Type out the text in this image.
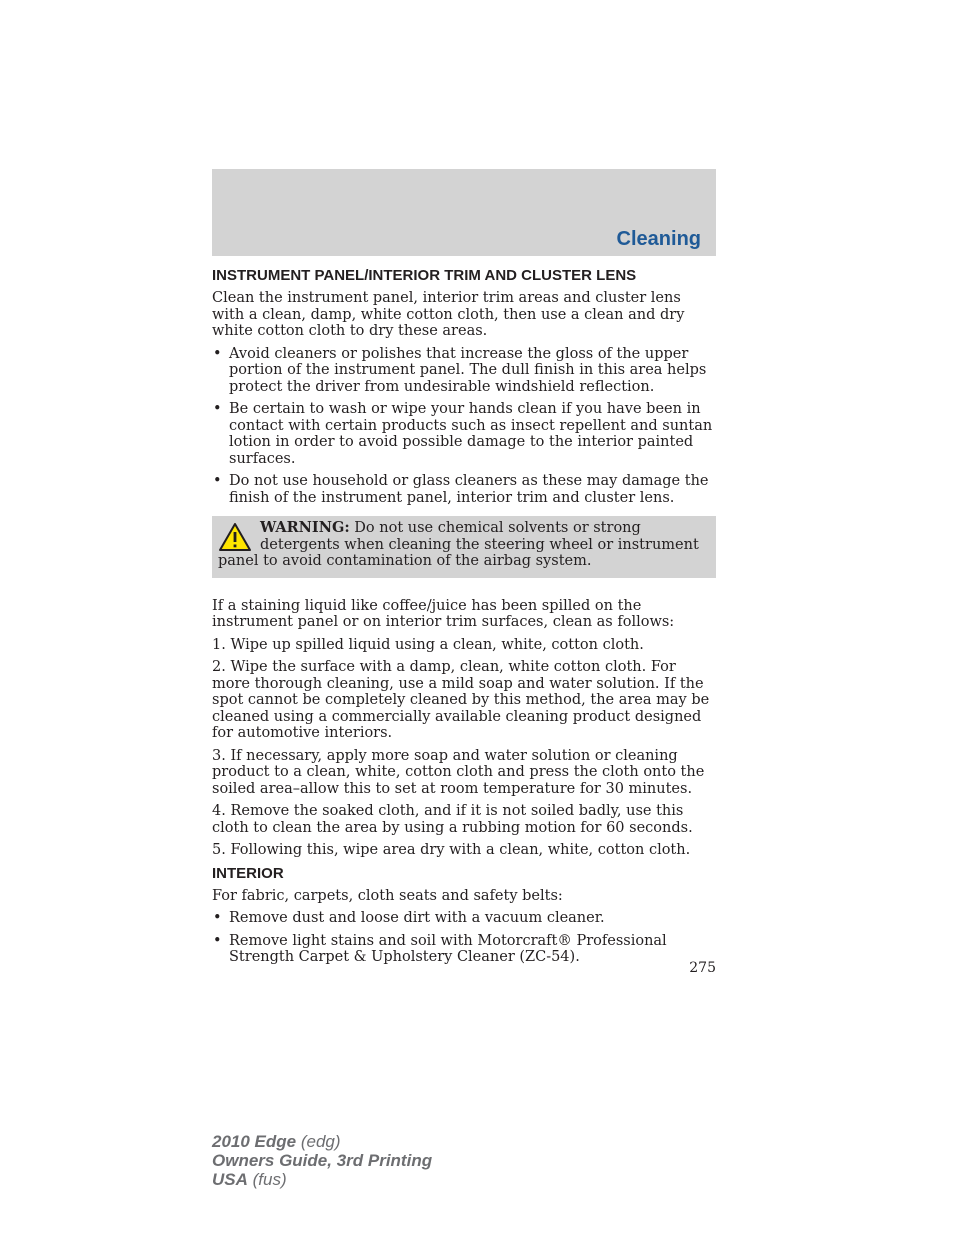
Cleaning
INSTRUMENT PANEL/INTERIOR TRIM AND CLUSTER LENS

Clean the instrument panel, interior trim areas and cluster lens with a clean, damp, white cotton cloth, then use a clean and dry white cotton cloth to dry these areas.

• Avoid cleaners or polishes that increase the gloss of the upper portion of the instrument panel. The dull finish in this area helps protect the driver from undesirable windshield reflection.
• Be certain to wash or wipe your hands clean if you have been in contact with certain products such as insect repellent and suntan lotion in order to avoid possible damage to the interior painted surfaces.
• Do not use household or glass cleaners as these may damage the finish of the instrument panel, interior trim and cluster lens.
WARNING: Do not use chemical solvents or strong detergents when cleaning the steering wheel or instrument panel to avoid contamination of the airbag system.

If a staining liquid like coffee/juice has been spilled on the instrument panel or on interior trim surfaces, clean as follows:

1. Wipe up spilled liquid using a clean, white, cotton cloth.

2. Wipe the surface with a damp, clean, white cotton cloth. For more thorough cleaning, use a mild soap and water solution. If the spot cannot be completely cleaned by this method, the area may be cleaned using a commercially available cleaning product designed for automotive interiors.

3. If necessary, apply more soap and water solution or cleaning product to a clean, white, cotton cloth and press the cloth onto the soiled area–allow this to set at room temperature for 30 minutes.

4. Remove the soaked cloth, and if it is not soiled badly, use this cloth to clean the area by using a rubbing motion for 60 seconds.

5. Following this, wipe area dry with a clean, white, cotton cloth.

INTERIOR

For fabric, carpets, cloth seats and safety belts:

• Remove dust and loose dirt with a vacuum cleaner.
• Remove light stains and soil with Motorcraft® Professional Strength Carpet & Upholstery Cleaner (ZC-54).
275
2010 Edge (edg)
Owners Guide, 3rd Printing
USA (fus)
